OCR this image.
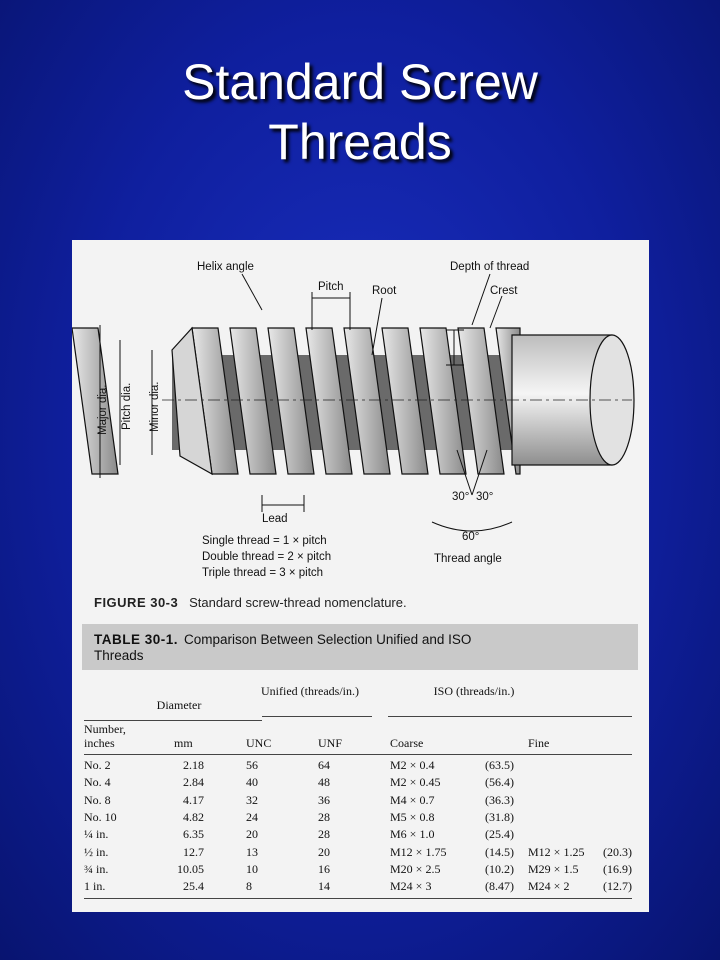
Standard Screw
Threads
Helix angle
Pitch Root
Depth of thread
Crest
Major dia. Pitch dia. Minor dia.
Lead
30° 30°
60°
Thread angle
Single thread = 1 × pitch
Double thread = 2 × pitch
Triple thread = 3 × pitch
FIGURE 30-3 Standard screw-thread nomenclature.
TABLE 30-1. Comparison Between Selection Unified and ISO Threads
Diameter
Unified (threads/in.)	ISO (threads/in.)
Number, inches	mm	UNC	UNF	Coarse	Fine
No. 2	2.18	56	64	M2 × 0.4	(63.5)
No. 4	2.84	40	48	M2 × 0.45	(56.4)
No. 8	4.17	32	36	M4 × 0.7	(36.3)
No. 10	4.82	24	28	M5 × 0.8	(31.8)
¼ in.	6.35	20	28	M6 × 1.0	(25.4)
½ in.	12.7	13	20	M12 × 1.75	(14.5) M12 × 1.25	(20.3)
¾ in.	10.05	10	16	M20 × 2.5	(10.2) M29 × 1.5	(16.9)
1 in.	25.4	8	14	M24 × 3	(8.47) M24 × 2	(12.7)
